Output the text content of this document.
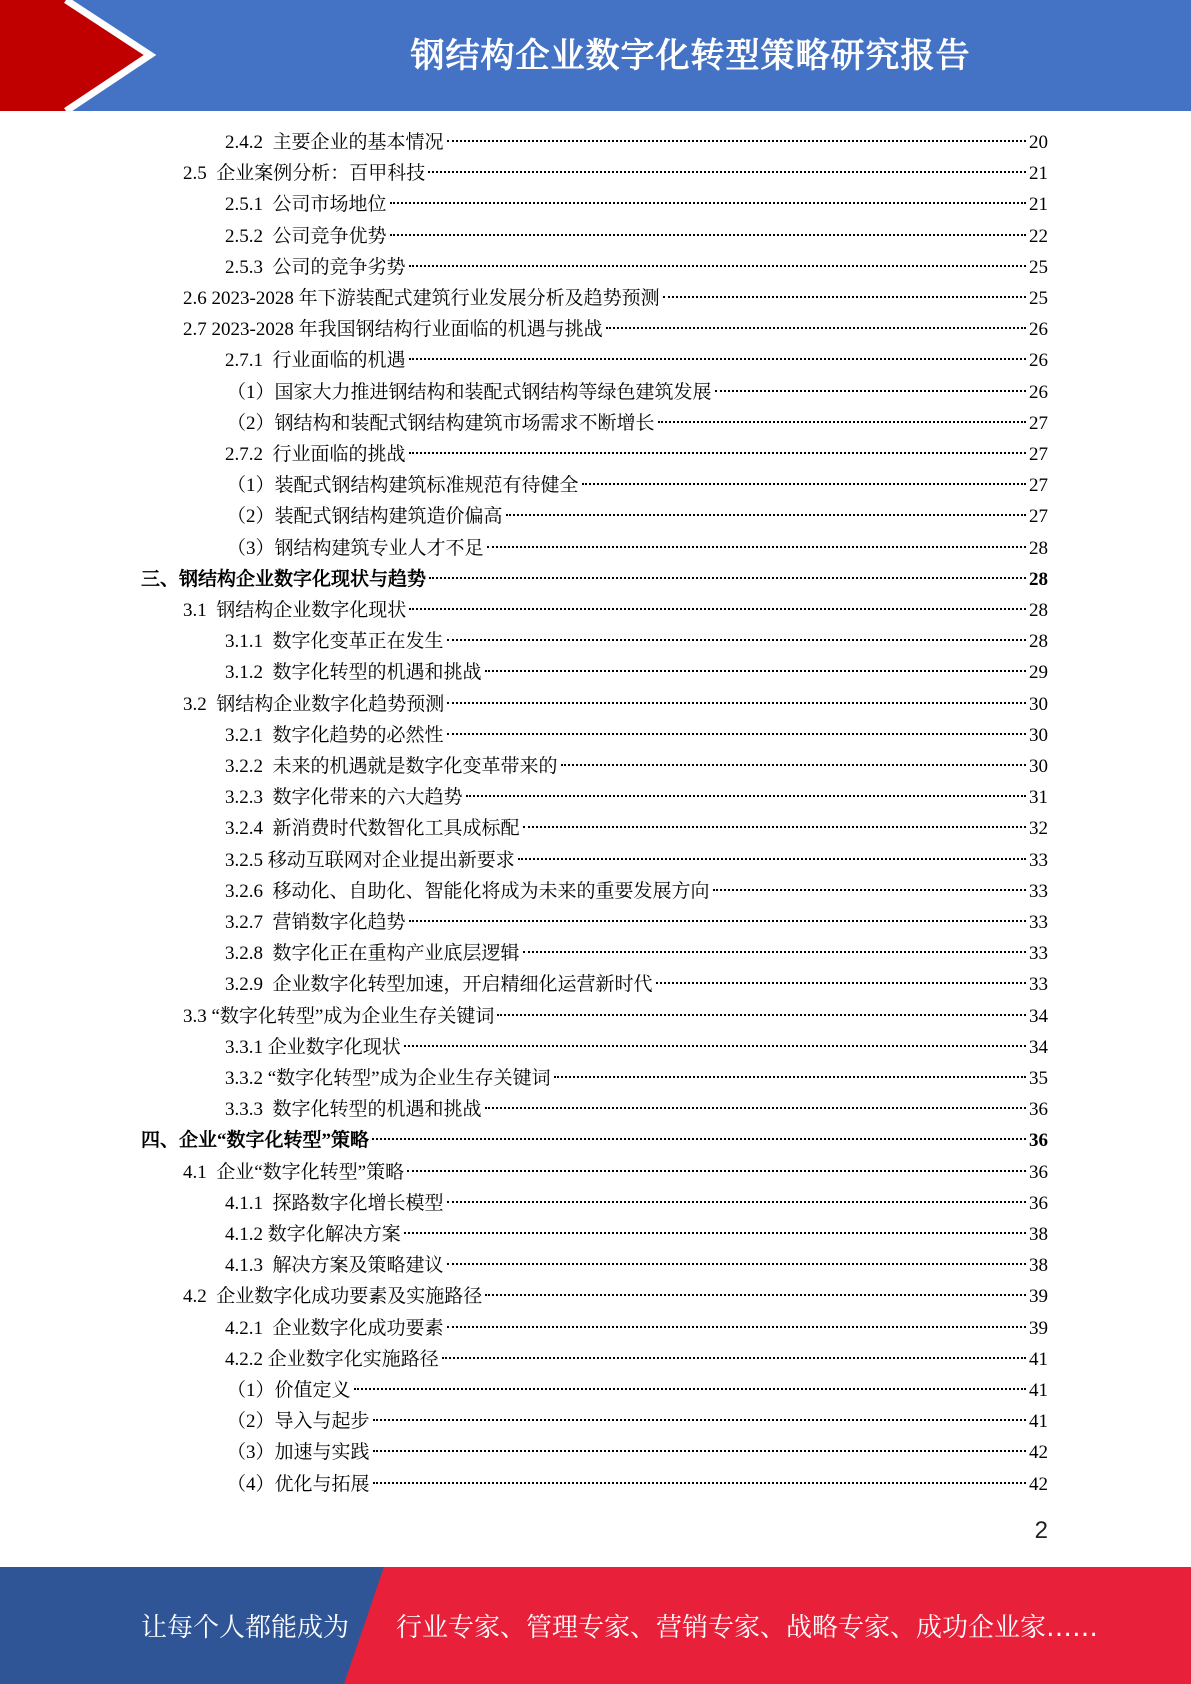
钢结构企业数字化转型策略研究报告
2.4.2  主要企业的基本情况	20
2.5  企业案例分析：百甲科技	21
2.5.1  公司市场地位	21
2.5.2  公司竞争优势	22
2.5.3  公司的竞争劣势	25
2.6 2023-2028 年下游装配式建筑行业发展分析及趋势预测	25
2.7 2023-2028 年我国钢结构行业面临的机遇与挑战	26
2.7.1  行业面临的机遇	26
（1）国家大力推进钢结构和装配式钢结构等绿色建筑发展	26
（2）钢结构和装配式钢结构建筑市场需求不断增长	27
2.7.2  行业面临的挑战	27
（1）装配式钢结构建筑标准规范有待健全	27
（2）装配式钢结构建筑造价偏高	27
（3）钢结构建筑专业人才不足	28
三、钢结构企业数字化现状与趋势	28
3.1  钢结构企业数字化现状	28
3.1.1  数字化变革正在发生	28
3.1.2  数字化转型的机遇和挑战	29
3.2  钢结构企业数字化趋势预测	30
3.2.1  数字化趋势的必然性	30
3.2.2  未来的机遇就是数字化变革带来的	30
3.2.3  数字化带来的六大趋势	31
3.2.4  新消费时代数智化工具成标配	32
3.2.5 移动互联网对企业提出新要求	33
3.2.6  移动化、自助化、智能化将成为未来的重要发展方向	33
3.2.7  营销数字化趋势	33
3.2.8  数字化正在重构产业底层逻辑	33
3.2.9  企业数字化转型加速，开启精细化运营新时代	33
3.3 “数字化转型”成为企业生存关键词	34
3.3.1 企业数字化现状	34
3.3.2 “数字化转型”成为企业生存关键词	35
3.3.3  数字化转型的机遇和挑战	36
四、企业“数字化转型”策略	36
4.1  企业“数字化转型”策略	36
4.1.1  探路数字化增长模型	36
4.1.2 数字化解决方案	38
4.1.3  解决方案及策略建议	38
4.2  企业数字化成功要素及实施路径	39
4.2.1  企业数字化成功要素	39
4.2.2 企业数字化实施路径	41
（1）价值定义	41
（2）导入与起步	41
（3）加速与实践	42
（4）优化与拓展	42
2
让每个人都能成为 行业专家、管理专家、营销专家、战略专家、成功企业家……
